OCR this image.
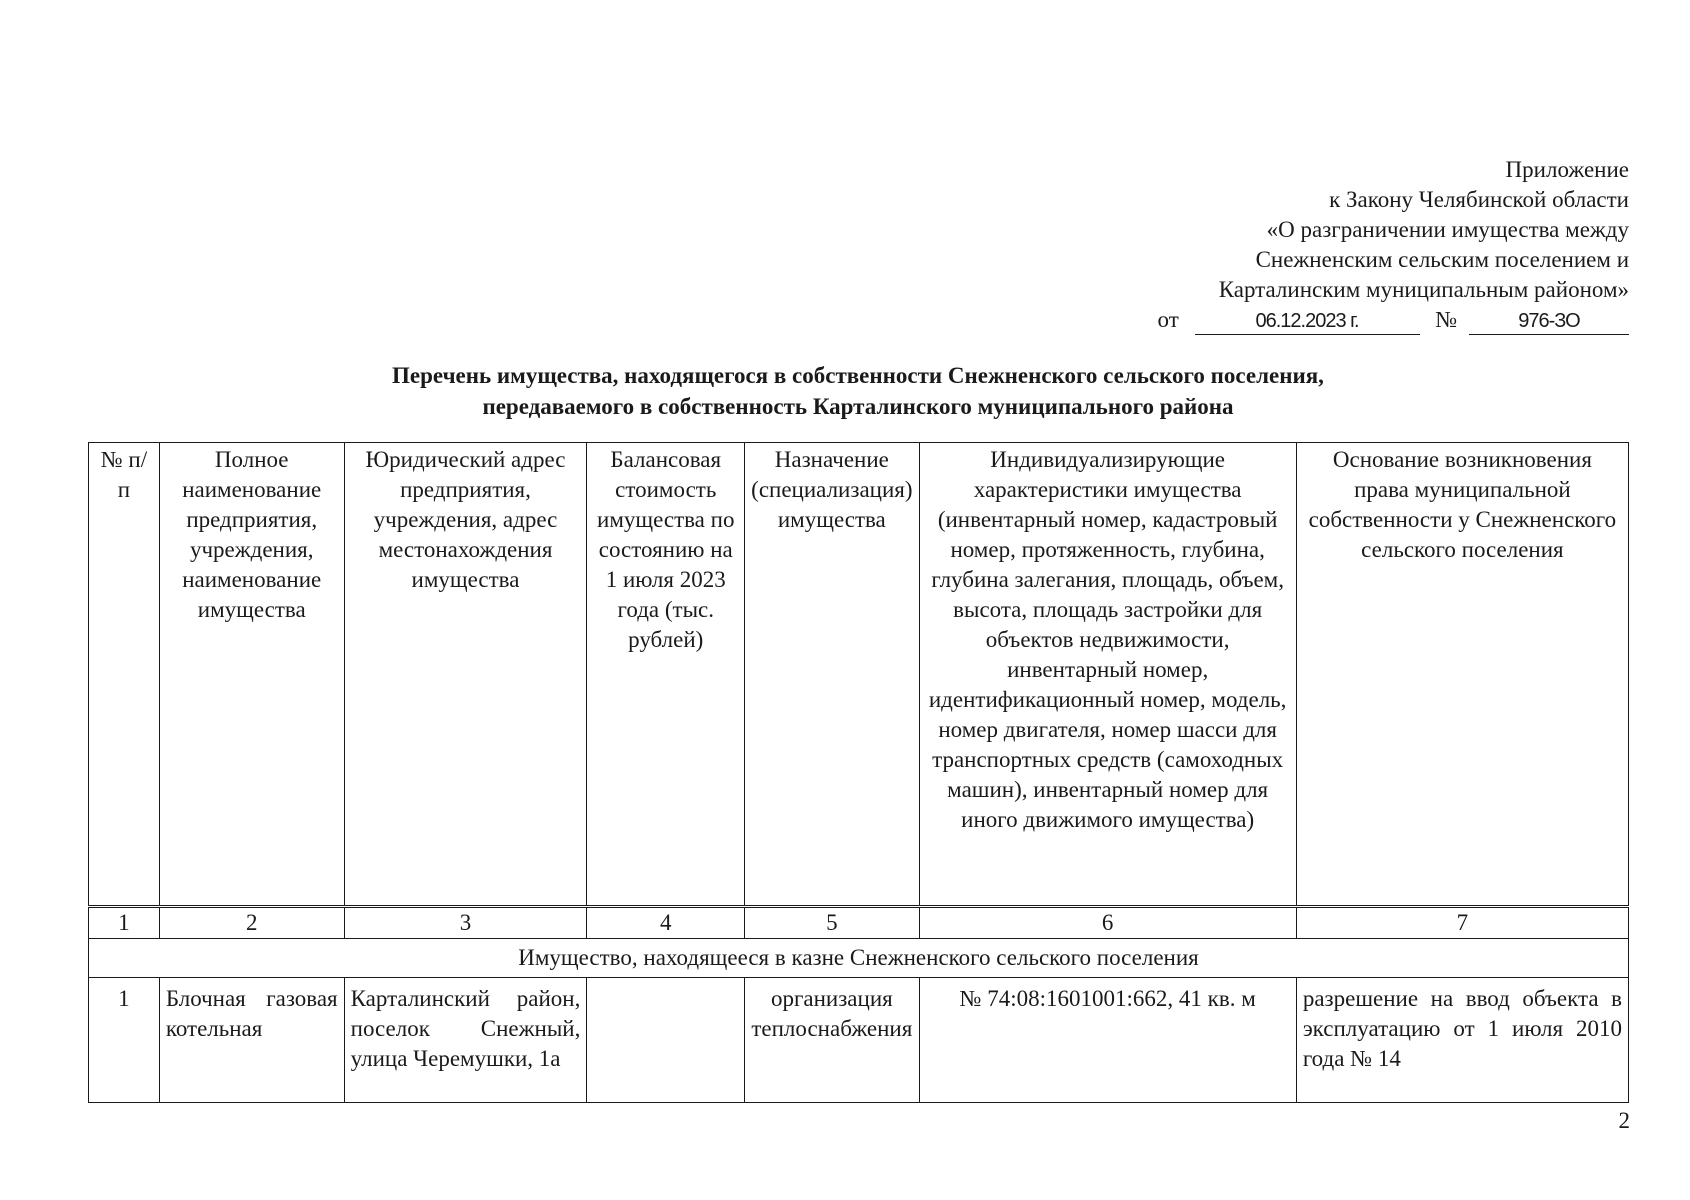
Приложение
к Закону Челябинской области
«О разграничении имущества между
Снежненским сельским поселением и
Карталинским муниципальным районом»
от	06.12.2023 г.	№	976-ЗО
Перечень имущества, находящегося в собственности Снежненского сельского поселения,
передаваемого в собственность Карталинского муниципального района
№ п/п	Полное наименование предприятия, учреждения, наименование имущества	Юридический адрес предприятия, учреждения, адрес местонахождения имущества	Балансовая стоимость имущества по состоянию на 1 июля 2023 года (тыс. рублей)	Назначение (специализация) имущества	Индивидуализирующие характеристики имущества (инвентарный номер, кадастровый номер, протяженность, глубина, глубина залегания, площадь, объем, высота, площадь застройки для объектов недвижимости, инвентарный номер, идентификационный номер, модель, номер двигателя, номер шасси для транспортных средств (самоходных машин), инвентарный номер для иного движимого имущества)	Основание возникновения права муниципальной собственности у Снежненского сельского поселения
1	2	3	4	5	6	7
Имущество, находящееся в казне Снежненского сельского поселения						
1	Блочная газовая котельная	Карталинский район, поселок Снежный, улица Черемушки, 1а		организация теплоснабжения	№ 74:08:1601001:662, 41 кв. м	разрешение на ввод объекта в эксплуатацию от 1 июля 2010 года № 14
2
